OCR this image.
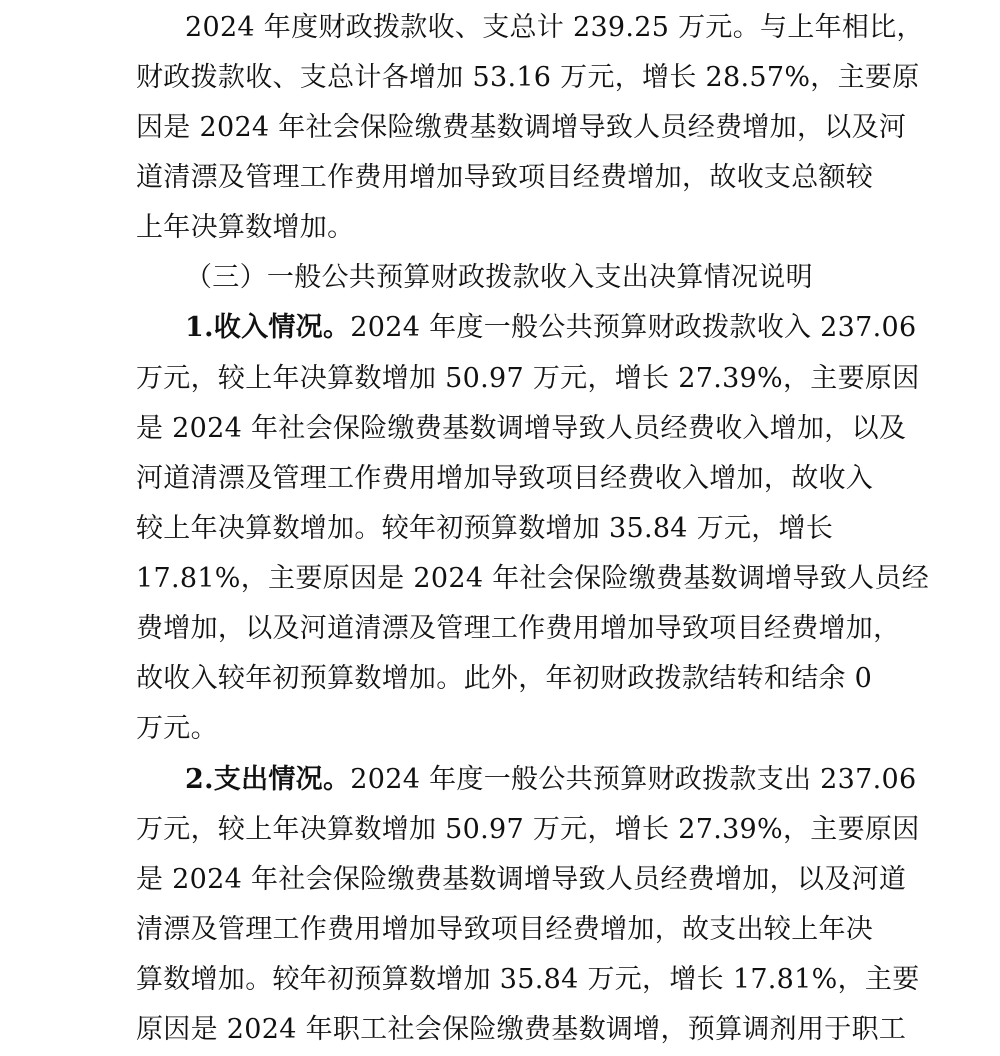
2024 年度财政拨款收、支总计 239.25 万元。与上年相比，
财政拨款收、支总计各增加 53.16 万元，增长 28.57%，主要原
因是 2024 年社会保险缴费基数调增导致人员经费增加，以及河
道清漂及管理工作费用增加导致项目经费增加，故收支总额较
上年决算数增加。
（三）一般公共预算财政拨款收入支出决算情况说明
1.收入情况。2024 年度一般公共预算财政拨款收入 237.06
万元，较上年决算数增加 50.97 万元，增长 27.39%，主要原因
是 2024 年社会保险缴费基数调增导致人员经费收入增加，以及
河道清漂及管理工作费用增加导致项目经费收入增加，故收入
较上年决算数增加。较年初预算数增加 35.84 万元，增长
17.81%，主要原因是 2024 年社会保险缴费基数调增导致人员经
费增加，以及河道清漂及管理工作费用增加导致项目经费增加，
故收入较年初预算数增加。此外，年初财政拨款结转和结余 0
万元。
2.支出情况。2024 年度一般公共预算财政拨款支出 237.06
万元，较上年决算数增加 50.97 万元，增长 27.39%，主要原因
是 2024 年社会保险缴费基数调增导致人员经费增加，以及河道
清漂及管理工作费用增加导致项目经费增加，故支出较上年决
算数增加。较年初预算数增加 35.84 万元，增长 17.81%，主要
原因是 2024 年职工社会保险缴费基数调增，预算调剂用于职工
